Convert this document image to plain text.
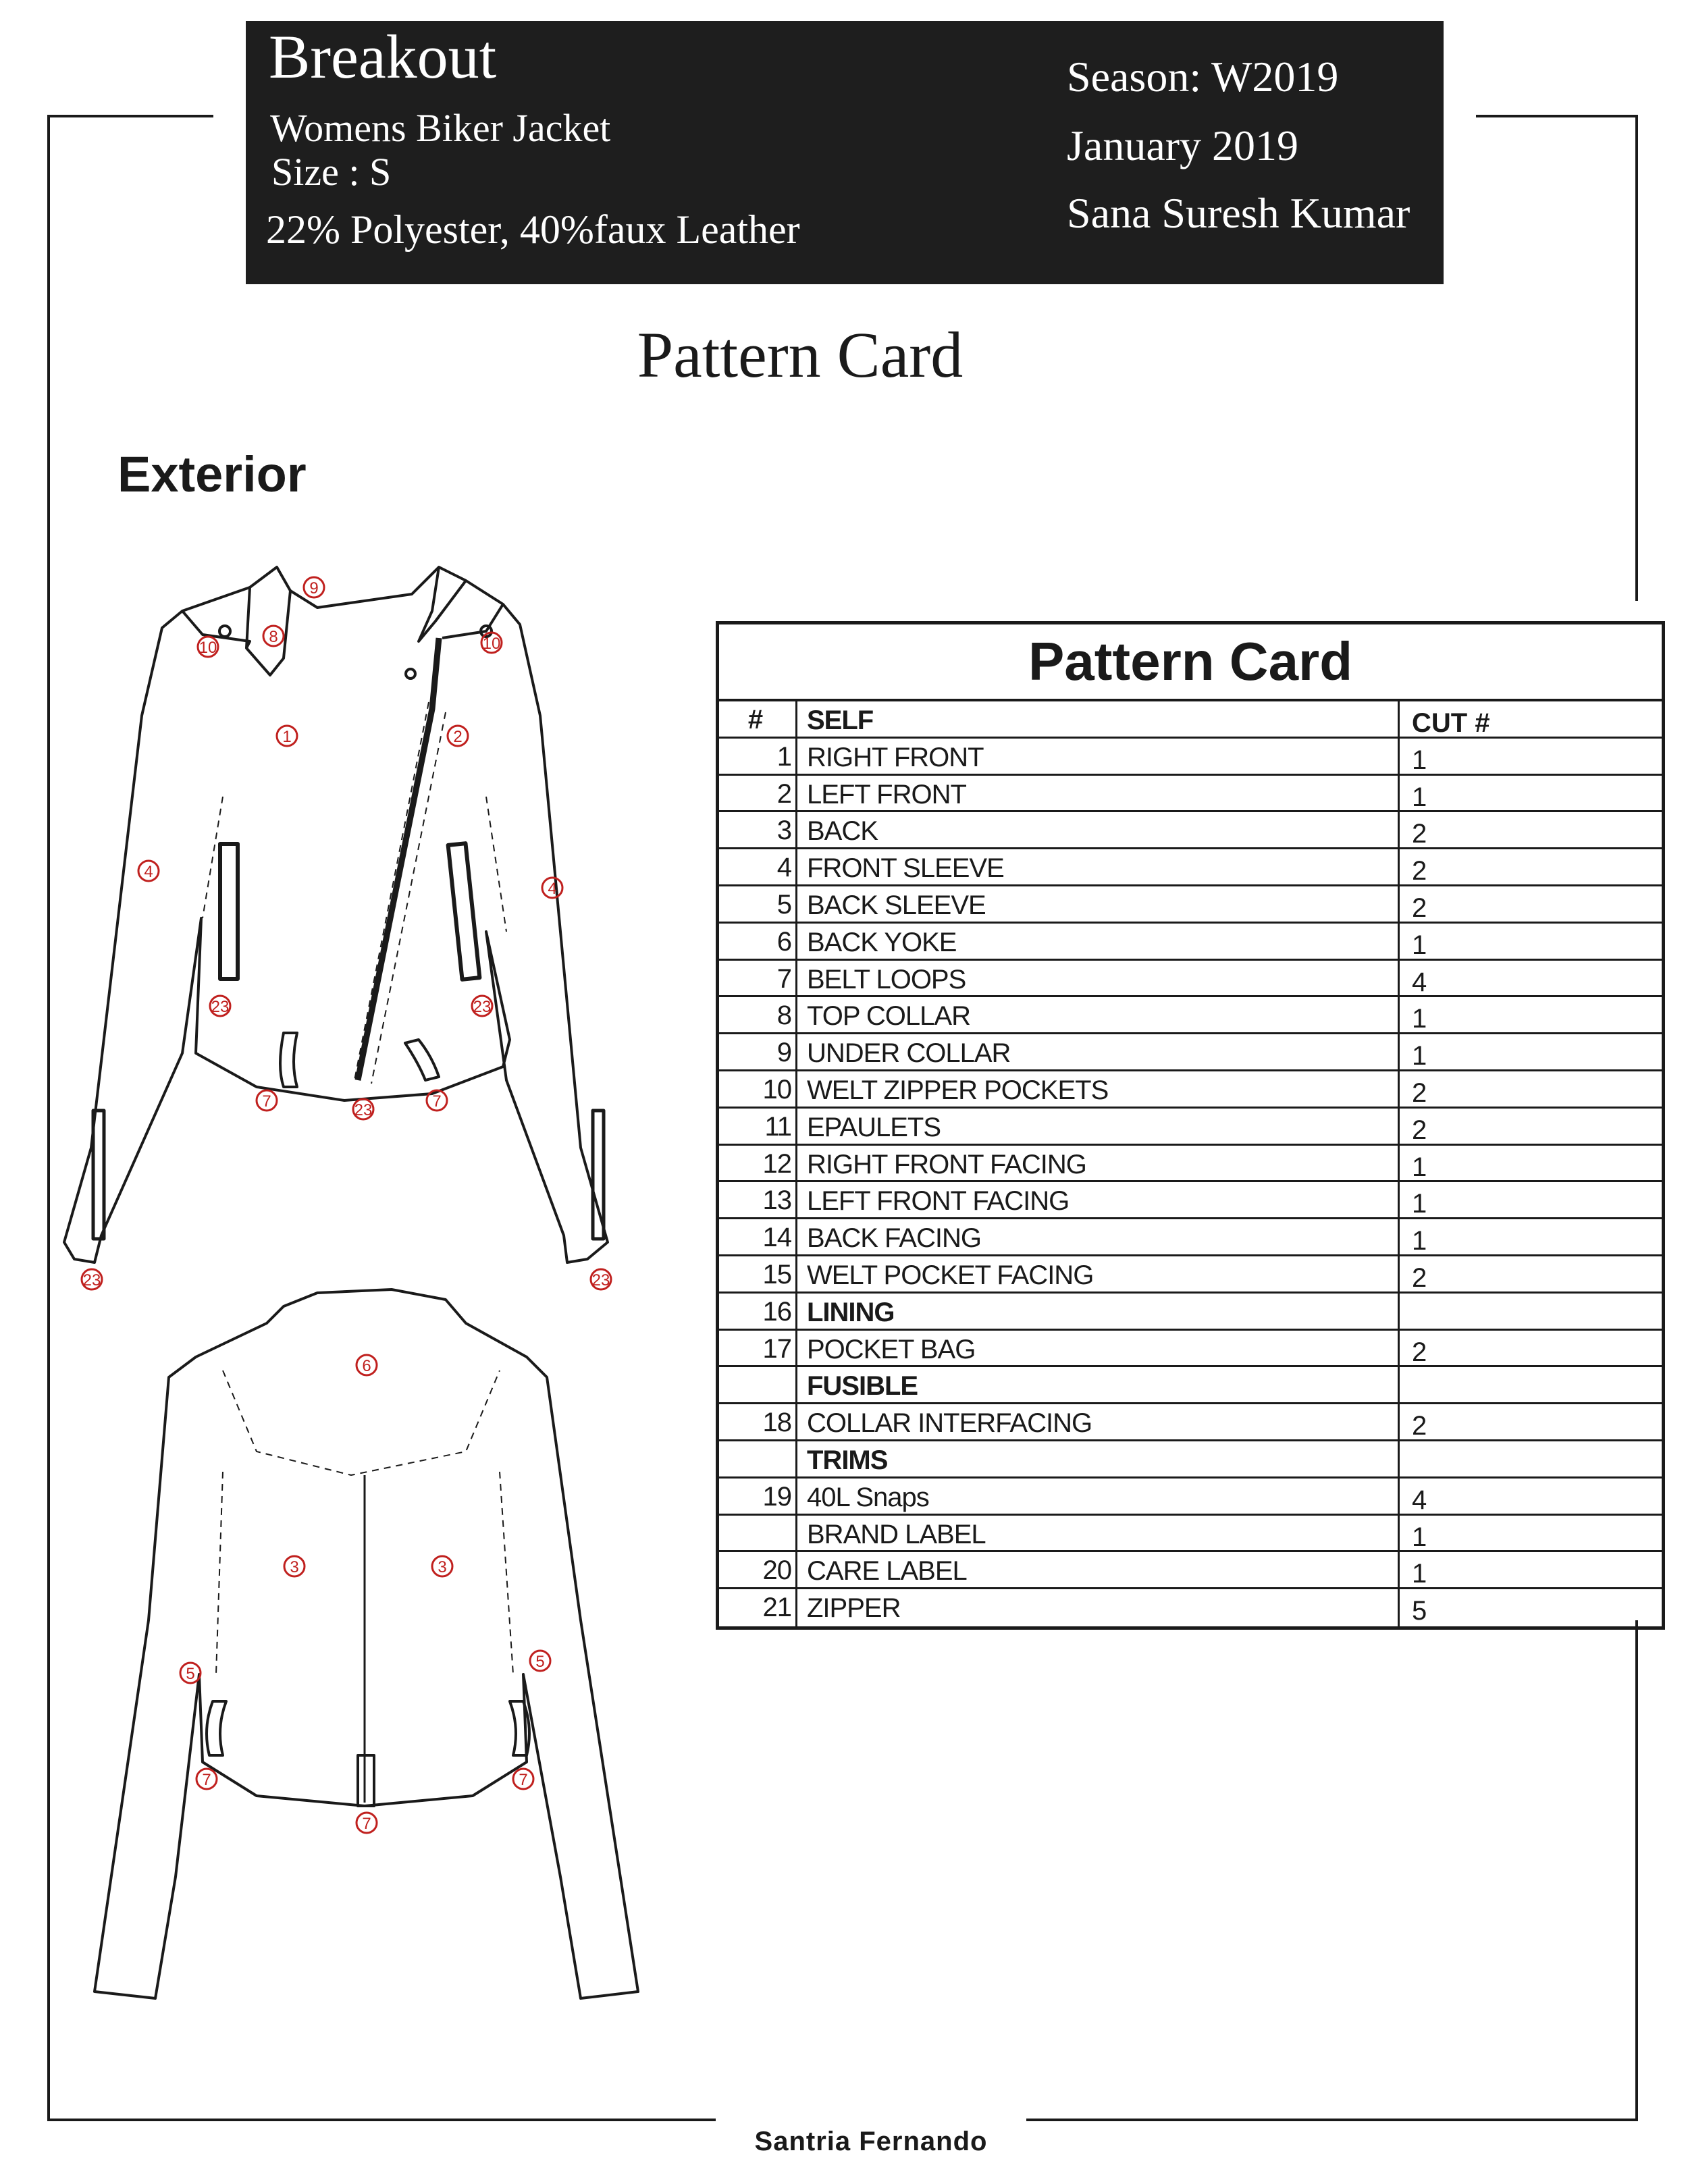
Breakout
Womens Biker Jacket
Size : S
22% Polyester, 40%faux Leather
Season: W2019
January 2019
Sana Suresh Kumar
Pattern Card
Exterior
9
8
10	10
1	2
4
4
23	23
7	23	7
23	23
6
3	3
5
5
7	7
7
Pattern Card
#	SELF	CUT #
1 RIGHT FRONT	1
2 LEFT FRONT	1
3 BACK	2
4 FRONT SLEEVE	2
5 BACK SLEEVE	2
6 BACK YOKE	1
7 BELT LOOPS	4
8 TOP COLLAR	1
9 UNDER COLLAR	1
10 WELT ZIPPER POCKETS	2
11 EPAULETS	2
12 RIGHT FRONT FACING	1
13 LEFT FRONT FACING	1
14 BACK FACING	1
15 WELT POCKET FACING	2
16 LINING
17 POCKET BAG	2
FUSIBLE
18 COLLAR INTERFACING	2
TRIMS
19 40L Snaps	4
BRAND LABEL	1
20 CARE LABEL	1
21 ZIPPER	5
Santria Fernando
